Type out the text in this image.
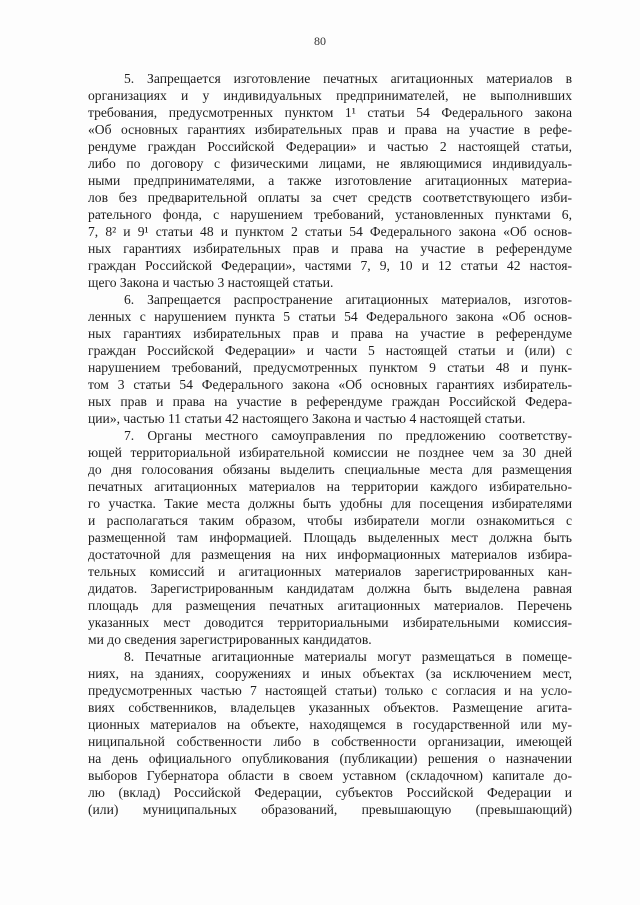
80
5. Запрещается изготовление печатных агитационных материалов в
организациях и у индивидуальных предпринимателей, не выполнивших
требования, предусмотренных пунктом 1¹ статьи 54 Федерального закона
«Об основных гарантиях избирательных прав и права на участие в рефе-
рендуме граждан Российской Федерации» и частью 2 настоящей статьи,
либо по договору с физическими лицами, не являющимися индивидуаль-
ными предпринимателями, а также изготовление агитационных материа-
лов без предварительной оплаты за счет средств соответствующего изби-
рательного фонда, с нарушением требований, установленных пунктами 6,
7, 8² и 9¹ статьи 48 и пунктом 2 статьи 54 Федерального закона «Об основ-
ных гарантиях избирательных прав и права на участие в референдуме
граждан Российской Федерации», частями 7, 9, 10 и 12 статьи 42 настоя-
щего Закона и частью 3 настоящей статьи.
6. Запрещается распространение агитационных материалов, изготов-
ленных с нарушением пункта 5 статьи 54 Федерального закона «Об основ-
ных гарантиях избирательных прав и права на участие в референдуме
граждан Российской Федерации» и части 5 настоящей статьи и (или) с
нарушением требований, предусмотренных пунктом 9 статьи 48 и пунк-
том 3 статьи 54 Федерального закона «Об основных гарантиях избиратель-
ных прав и права на участие в референдуме граждан Российской Федера-
ции», частью 11 статьи 42 настоящего Закона и частью 4 настоящей статьи.
7. Органы местного самоуправления по предложению соответству-
ющей территориальной избирательной комиссии не позднее чем за 30 дней
до дня голосования обязаны выделить специальные места для размещения
печатных агитационных материалов на территории каждого избирательно-
го участка. Такие места должны быть удобны для посещения избирателями
и располагаться таким образом, чтобы избиратели могли ознакомиться с
размещенной там информацией. Площадь выделенных мест должна быть
достаточной для размещения на них информационных материалов избира-
тельных комиссий и агитационных материалов зарегистрированных кан-
дидатов. Зарегистрированным кандидатам должна быть выделена равная
площадь для размещения печатных агитационных материалов. Перечень
указанных мест доводится территориальными избирательными комиссия-
ми до сведения зарегистрированных кандидатов.
8. Печатные агитационные материалы могут размещаться в помеще-
ниях, на зданиях, сооружениях и иных объектах (за исключением мест,
предусмотренных частью 7 настоящей статьи) только с согласия и на усло-
виях собственников, владельцев указанных объектов. Размещение агита-
ционных материалов на объекте, находящемся в государственной или му-
ниципальной собственности либо в собственности организации, имеющей
на день официального опубликования (публикации) решения о назначении
выборов Губернатора области в своем уставном (складочном) капитале до-
лю (вклад) Российской Федерации, субъектов Российской Федерации и
(или) муниципальных образований, превышающую (превышающий)
